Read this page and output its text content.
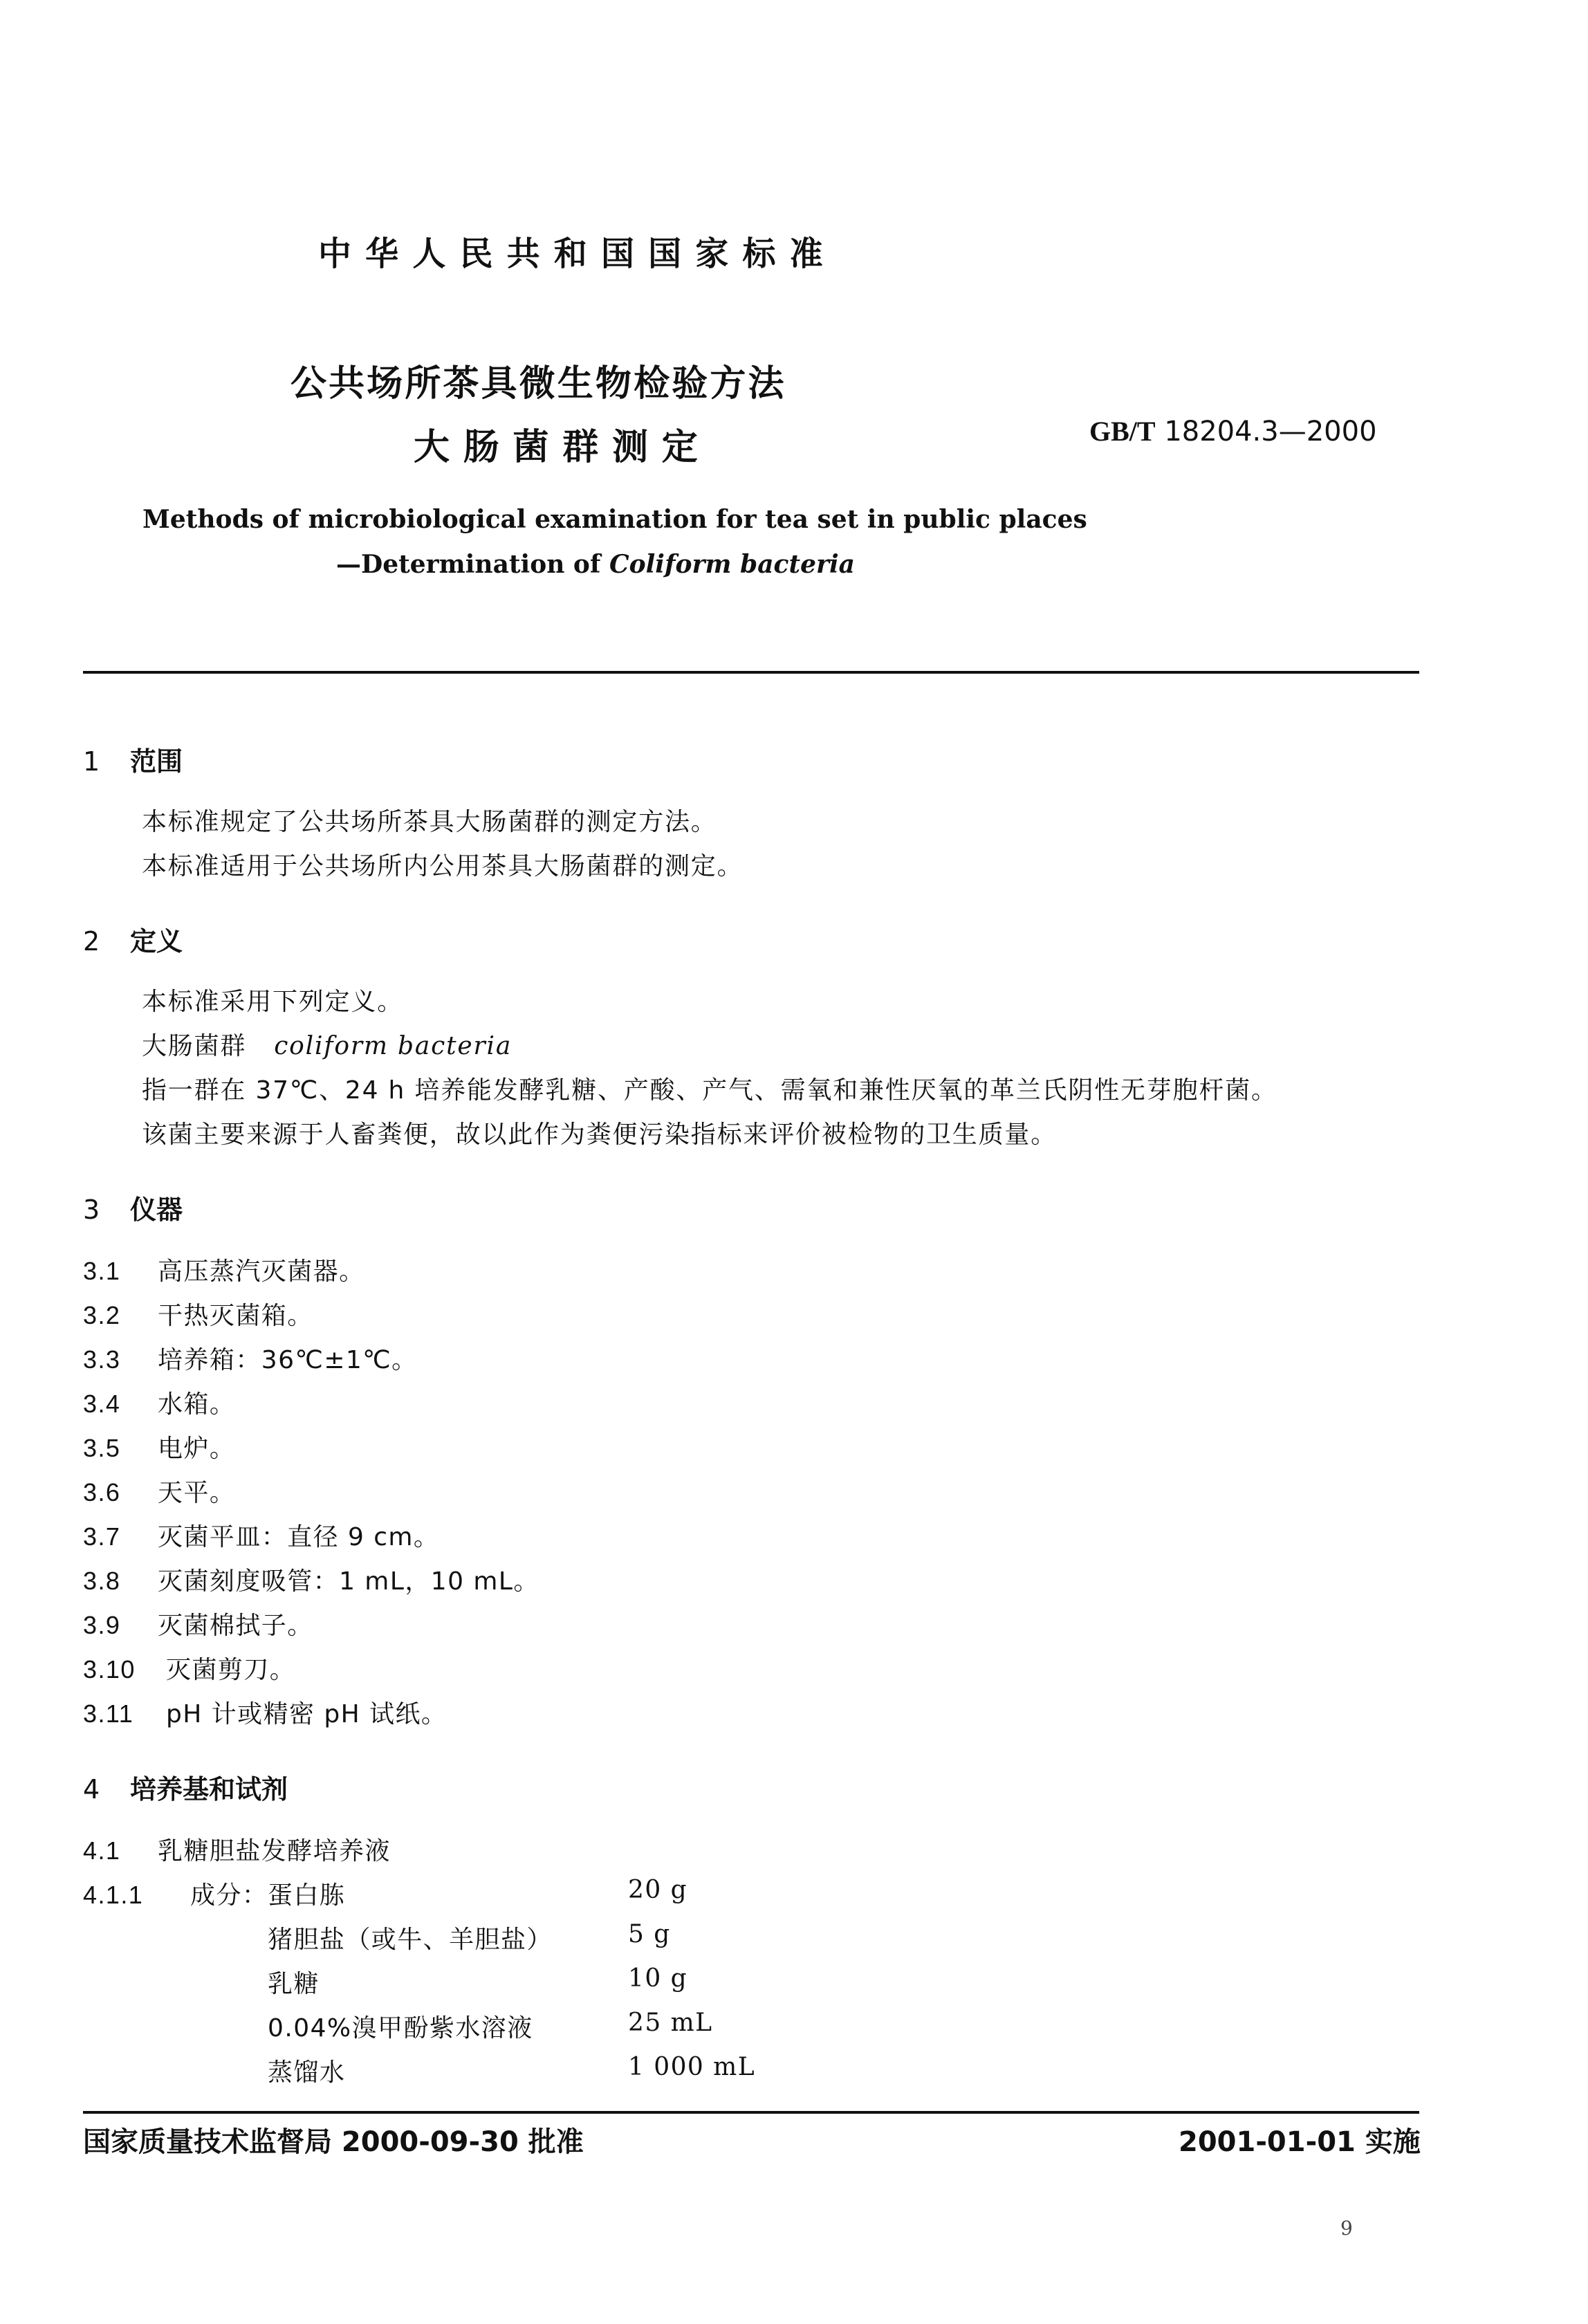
中华人民共和国国家标准
公共场所茶具微生物检验方法
大肠菌群测定	GB/T 18204.3—2000
Methods of microbiological examination for tea set in public places
—Determination of Coliform bacteria
1 范围
本标准规定了公共场所茶具大肠菌群的测定方法。
本标准适用于公共场所内公用茶具大肠菌群的测定。
2 定义
本标准采用下列定义。
大肠菌群 coliform bacteria
指一群在 37℃、24 h 培养能发酵乳糖、产酸、产气、需氧和兼性厌氧的革兰氏阴性无芽胞杆菌。
该菌主要来源于人畜粪便，故以此作为粪便污染指标来评价被检物的卫生质量。
3 仪器
3.1 高压蒸汽灭菌器。
3.2 干热灭菌箱。
3.3 培养箱：36℃±1℃。
3.4 水箱。
3.5 电炉。
3.6 天平。
3.7 灭菌平皿：直径 9 cm。
3.8 灭菌刻度吸管：1 mL，10 mL。
3.9 灭菌棉拭子。
3.10 灭菌剪刀。
3.11 pH 计或精密 pH 试纸。
4 培养基和试剂
4.1 乳糖胆盐发酵培养液
4.1.1 成分： 蛋白胨	20 g
猪胆盐（或牛、羊胆盐）	5 g
乳糖	10 g
0.04%溴甲酚紫水溶液	25 mL
蒸馏水	1 000 mL
国家质量技术监督局 2000-09-30 批准	2001-01-01 实施
9
